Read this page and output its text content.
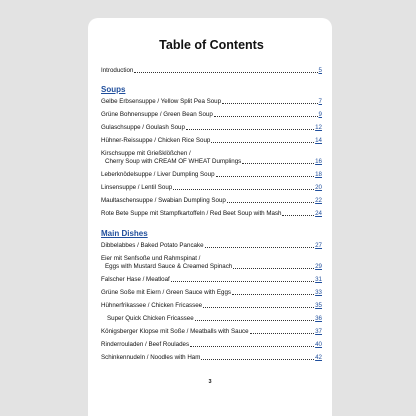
Table of Contents
Introduction	5
Soups
Gelbe Erbsensuppe / Yellow Split Pea Soup	7
Grüne Bohnensuppe / Green Bean Soup	9
Gulaschsuppe / Goulash Soup	12
Hühner-Reissuppe / Chicken Rice Soup	14
Kirschsuppe mit Grießklößchen /
Cherry Soup with CREAM OF WHEAT Dumplings	16
Leberknödelsuppe / Liver Dumpling Soup	18
Linsensuppe / Lentil Soup	20
Maultaschensuppe / Swabian Dumpling Soup	22
Rote Bete Suppe mit Stampfkartoffeln / Red Beet Soup with Mash	24
Main Dishes
Dibbelabbes / Baked Potato Pancake	27
Eier mit Senfsoße und Rahmspinat /
Eggs with Mustard Sauce & Creamed Spinach	29
Falscher Hase / Meatloaf	31
Grüne Soße mit Eiern / Green Sauce with Eggs	33
Hühnerfrikassee / Chicken Fricassee	35
Super Quick Chicken Fricassee	36
Königsberger Klopse mit Soße / Meatballs with Sauce	37
Rinderrouladen / Beef Roulades	40
Schinkennudeln / Noodles with Ham	42
3
